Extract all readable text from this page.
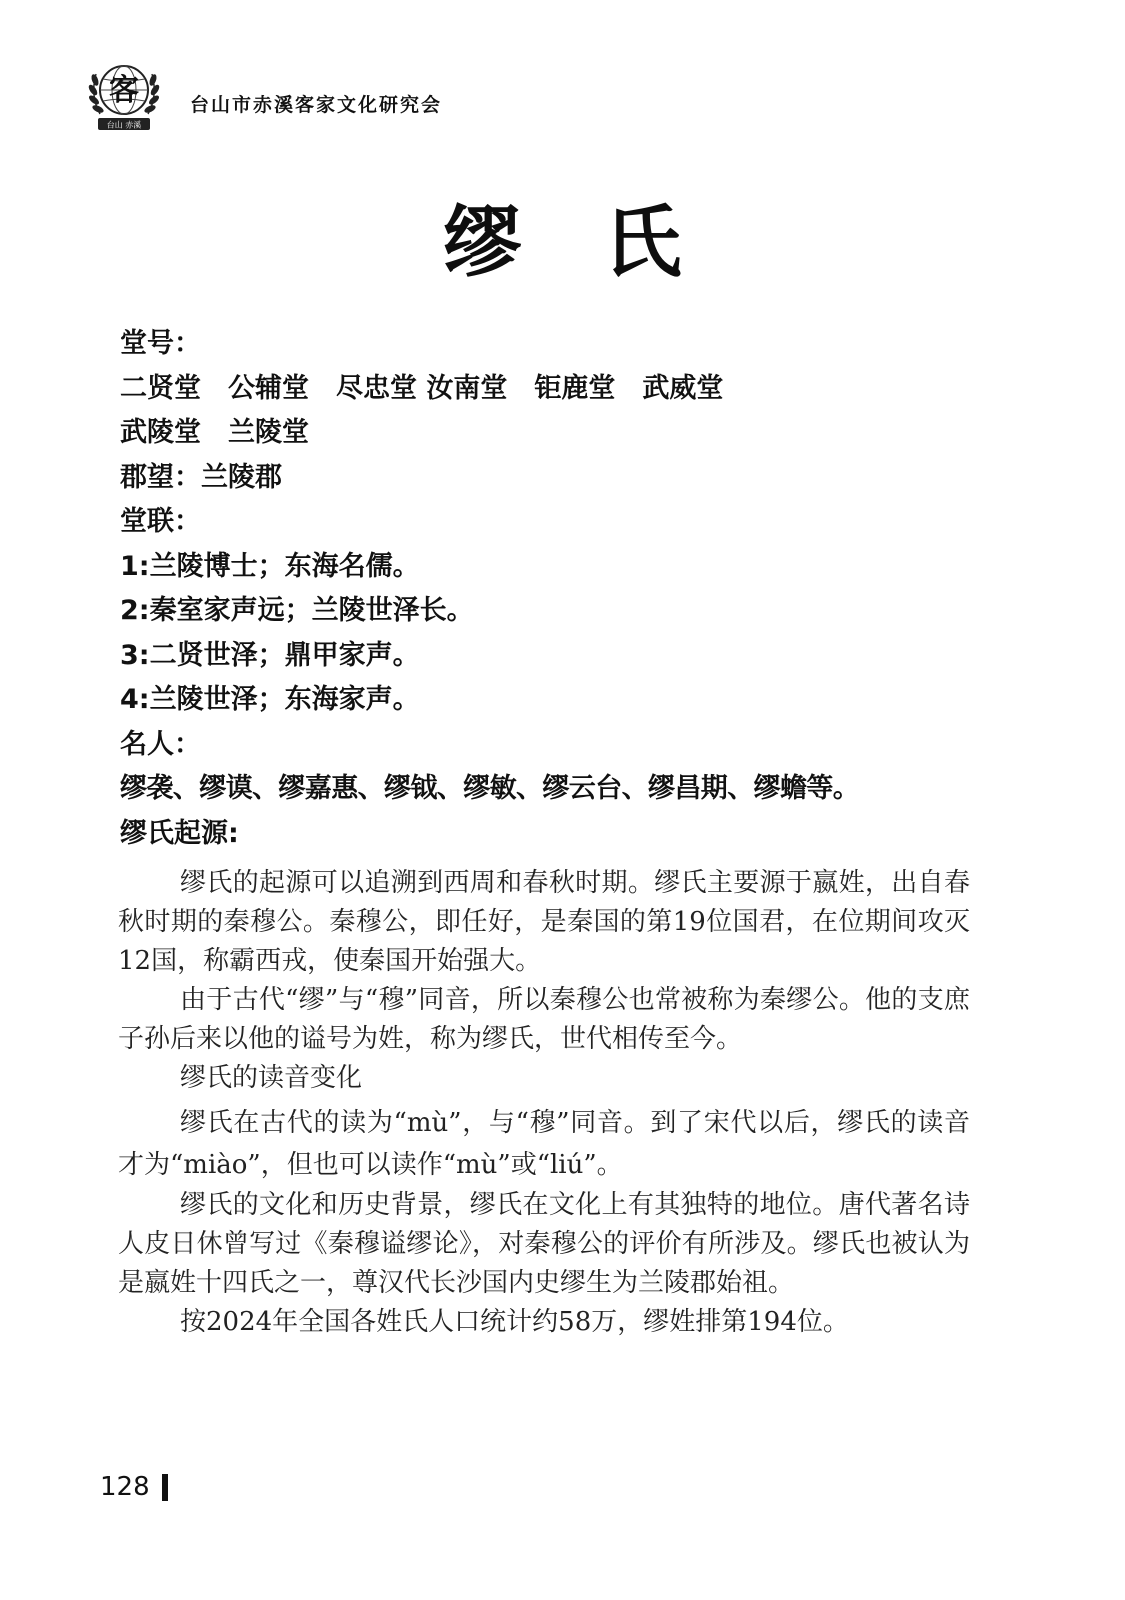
客
台山 赤溪
台山市赤溪客家文化研究会
缪氏
堂号：
二贤堂　公辅堂　尽忠堂 汝南堂　钜鹿堂　武威堂
武陵堂　兰陵堂
郡望：兰陵郡
堂联：
1:兰陵博士；东海名儒。
2:秦室家声远；兰陵世泽长。
3:二贤世泽；鼎甲家声。
4:兰陵世泽；东海家声。
名人：
缪袭、缪谟、缪嘉惠、缪钺、缪敏、缪云台、缪昌期、缪蟾等。
缪氏起源:

缪氏的起源可以追溯到西周和春秋时期。缪氏主要源于嬴姓，出自春秋时期的秦穆公。秦穆公，即任好，是秦国的第19位国君，在位期间攻灭12国，称霸西戎，使秦国开始强大。

由于古代“缪”与“穆”同音，所以秦穆公也常被称为秦缪公。他的支庶子孙后来以他的谥号为姓，称为缪氏，世代相传至今。

缪氏的读音变化

缪氏在古代的读为“mù”，与“穆”同音。到了宋代以后，缪氏的读音才为“miào”，但也可以读作“mù”或“liú”。

缪氏的文化和历史背景，缪氏在文化上有其独特的地位。唐代著名诗人皮日休曾写过《秦穆谥缪论》，对秦穆公的评价有所涉及。缪氏也被认为是嬴姓十四氏之一，尊汉代长沙国内史缪生为兰陵郡始祖。

按2024年全国各姓氏人口统计约58万，缪姓排第194位。

128
